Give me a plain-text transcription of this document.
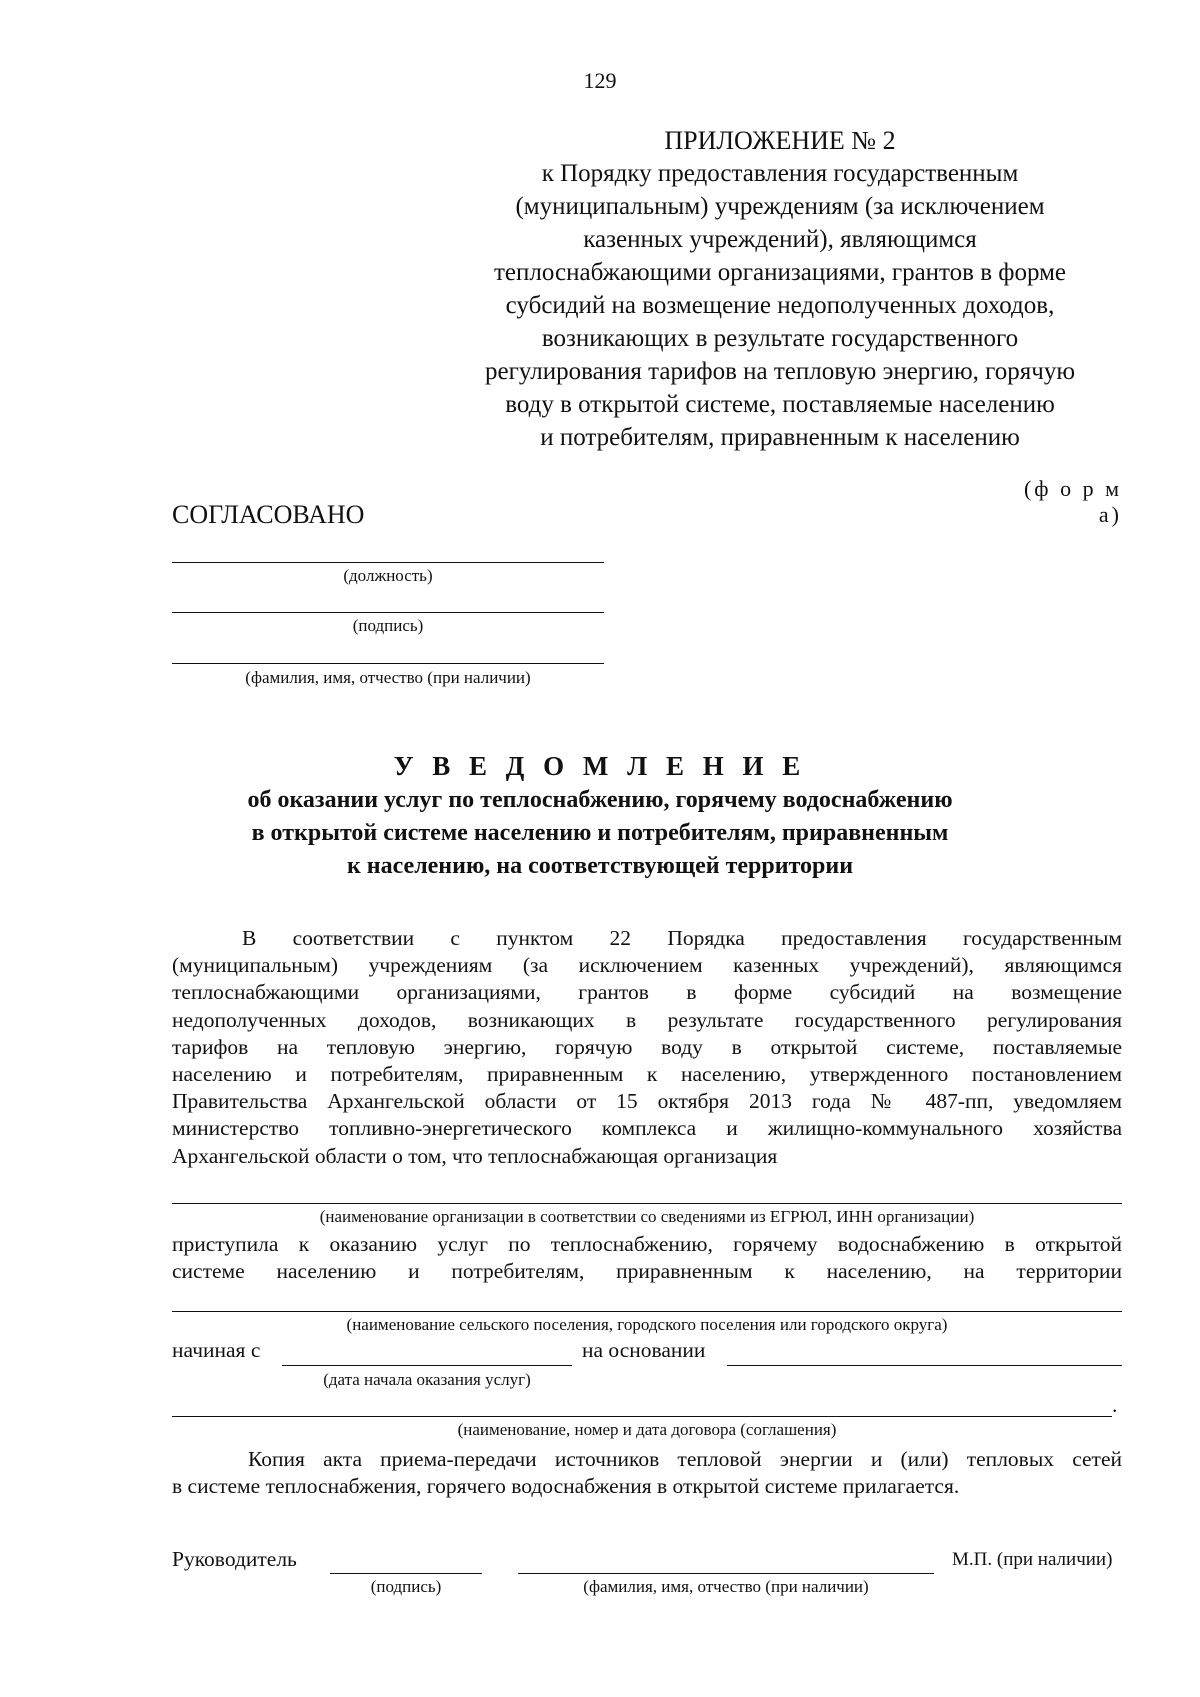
129
ПРИЛОЖЕНИЕ № 2
к Порядку предоставления государственным
(муниципальным) учреждениям (за исключением
казенных учреждений), являющимся
теплоснабжающими организациями, грантов в форме
субсидий на возмещение недополученных доходов,
возникающих в результате государственного
регулирования тарифов на тепловую энергию, горячую
воду в открытой системе, поставляемые населению
и потребителям, приравненным к населению
(ф о р м а)
СОГЛАСОВАНО
(должность)
(подпись)
(фамилия, имя, отчество (при наличии)
У В Е Д О М Л Е Н И Е
об оказании услуг по теплоснабжению, горячему водоснабжению
в открытой системе населению и потребителям, приравненным
к населению, на соответствующей территории
В соответствии с пунктом 22 Порядка предоставления государственным
(муниципальным) учреждениям (за исключением казенных учреждений), являющимся
теплоснабжающими организациями, грантов в форме субсидий на возмещение
недополученных доходов, возникающих в результате государственного регулирования
тарифов на тепловую энергию, горячую воду в открытой системе, поставляемые
населению и потребителям, приравненным к населению, утвержденного постановлением
Правительства Архангельской области от 15 октября 2013 года № 487-пп, уведомляем
министерство топливно-энергетического комплекса и жилищно-коммунального хозяйства
Архангельской области о том, что теплоснабжающая организация
(наименование организации в соответствии со сведениями из ЕГРЮЛ, ИНН организации)
приступила к оказанию услуг по теплоснабжению, горячему водоснабжению в открытой
системе населению и потребителям, приравненным к населению, на территории
(наименование сельского поселения, городского поселения или городского округа)
начиная с	на основании
(дата начала оказания услуг)
.
(наименование, номер и дата договора (соглашения)
Копия акта приема-передачи источников тепловой энергии и (или) тепловых сетей
в системе теплоснабжения, горячего водоснабжения в открытой системе прилагается.
Руководитель	М.П. (при наличии)
(подпись)	(фамилия, имя, отчество (при наличии)
